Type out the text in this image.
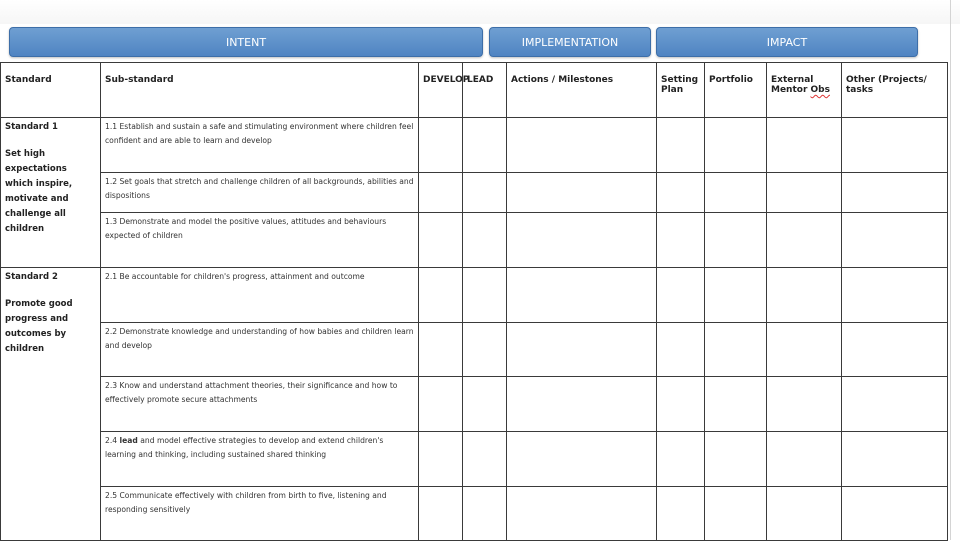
INTENT	IMPLEMENTATION	IMPACT
Standard	Sub-standard	DEVELOP	LEAD	Actions / Milestones	Setting Plan	Portfolio	External Mentor Obs	Other (Projects/ tasks

Standard 1
Set high expectations which inspire, motivate and challenge all children	1.1 Establish and sustain a safe and stimulating environment where children feel confident and are able to learn and develop							
	1.2 Set goals that stretch and challenge children of all backgrounds, abilities and dispositions							
	1.3 Demonstrate and model the positive values, attitudes and behaviours expected of children							

Standard 2
Promote good progress and outcomes by children	2.1 Be accountable for children's progress, attainment and outcome							
	2.2 Demonstrate knowledge and understanding of how babies and children learn and develop							
	2.3 Know and understand attachment theories, their significance and how to effectively promote secure attachments							
	2.4 lead and model effective strategies to develop and extend children's learning and thinking, including sustained shared thinking							
	2.5 Communicate effectively with children from birth to five, listening and responding sensitively							
